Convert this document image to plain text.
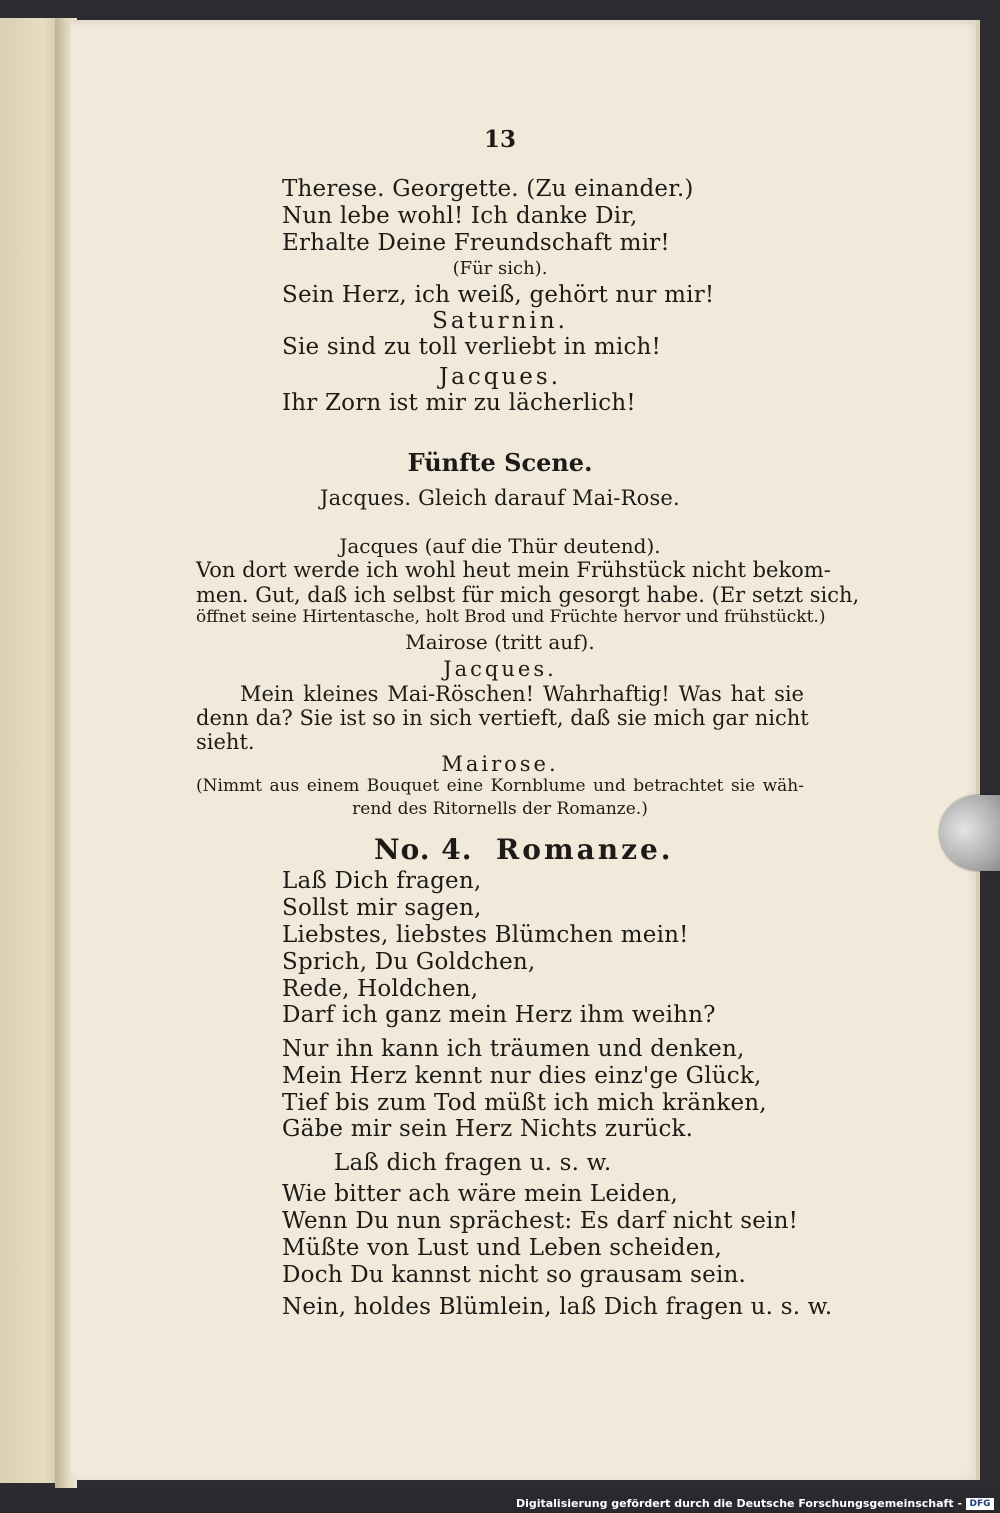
13
Therese. Georgette. (Zu einander.)
Nun lebe wohl! Ich danke Dir,
Erhalte Deine Freundschaft mir!
(Für sich).
Sein Herz, ich weiß, gehört nur mir!
Saturnin.
Sie sind zu toll verliebt in mich!
Jacques.
Ihr Zorn ist mir zu lächerlich!
Fünfte Scene.
Jacques. Gleich darauf Mai-Rose.
Jacques (auf die Thür deutend).
Von dort werde ich wohl heut mein Frühstück nicht bekom-
men. Gut, daß ich selbst für mich gesorgt habe. (Er setzt sich,
öffnet seine Hirtentasche, holt Brod und Früchte hervor und frühstückt.)
Mairose (tritt auf).
Jacques.
Mein kleines Mai-Röschen! Wahrhaftig! Was hat sie
denn da? Sie ist so in sich vertieft, daß sie mich gar nicht
sieht.
Mairose.
(Nimmt aus einem Bouquet eine Kornblume und betrachtet sie wäh-
rend des Ritornells der Romanze.)
No. 4. Romanze.
Laß Dich fragen,
Sollst mir sagen,
Liebstes, liebstes Blümchen mein!
Sprich, Du Goldchen,
Rede, Holdchen,
Darf ich ganz mein Herz ihm weihn?
Nur ihn kann ich träumen und denken,
Mein Herz kennt nur dies einz'ge Glück,
Tief bis zum Tod müßt ich mich kränken,
Gäbe mir sein Herz Nichts zurück.
Laß dich fragen u. s. w.
Wie bitter ach wäre mein Leiden,
Wenn Du nun sprächest: Es darf nicht sein!
Müßte von Lust und Leben scheiden,
Doch Du kannst nicht so grausam sein.
Nein, holdes Blümlein, laß Dich fragen u. s. w.
Digitalisierung gefördert durch die Deutsche Forschungsgemeinschaft - DFG
